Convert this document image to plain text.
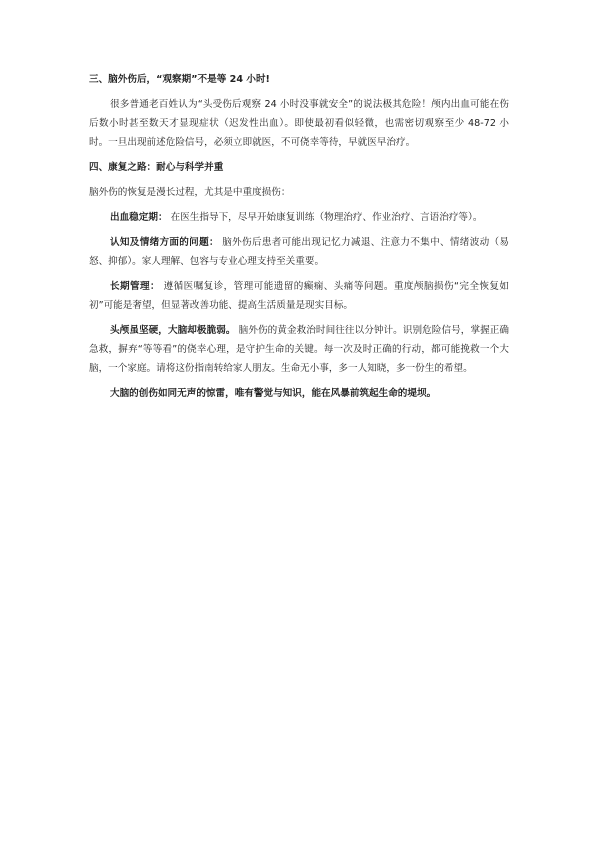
三、脑外伤后，“观察期”不是等 24 小时!

很多普通老百姓认为“头受伤后观察 24 小时没事就安全”的说法极其危险！颅内出血可能在伤后数小时甚至数天才显现症状（迟发性出血）。即使最初看似轻微，也需密切观察至少 48-72 小时。一旦出现前述危险信号，必须立即就医，不可侥幸等待，早就医早治疗。

四、康复之路：耐心与科学并重

脑外伤的恢复是漫长过程，尤其是中重度损伤：

出血稳定期： 在医生指导下，尽早开始康复训练（物理治疗、作业治疗、言语治疗等）。

认知及情绪方面的问题： 脑外伤后患者可能出现记忆力减退、注意力不集中、情绪波动（易怒、抑郁）。家人理解、包容与专业心理支持至关重要。

长期管理： 遵循医嘱复诊，管理可能遗留的癫痫、头痛等问题。重度颅脑损伤“完全恢复如初”可能是奢望，但显著改善功能、提高生活质量是现实目标。

头颅虽坚硬，大脑却极脆弱。 脑外伤的黄金救治时间往往以分钟计。识别危险信号，掌握正确急救，摒弃“等等看”的侥幸心理，是守护生命的关键。每一次及时正确的行动，都可能挽救一个大脑，一个家庭。请将这份指南转给家人朋友。生命无小事，多一人知晓，多一份生的希望。

大脑的创伤如同无声的惊雷，唯有警觉与知识，能在风暴前筑起生命的堤坝。
